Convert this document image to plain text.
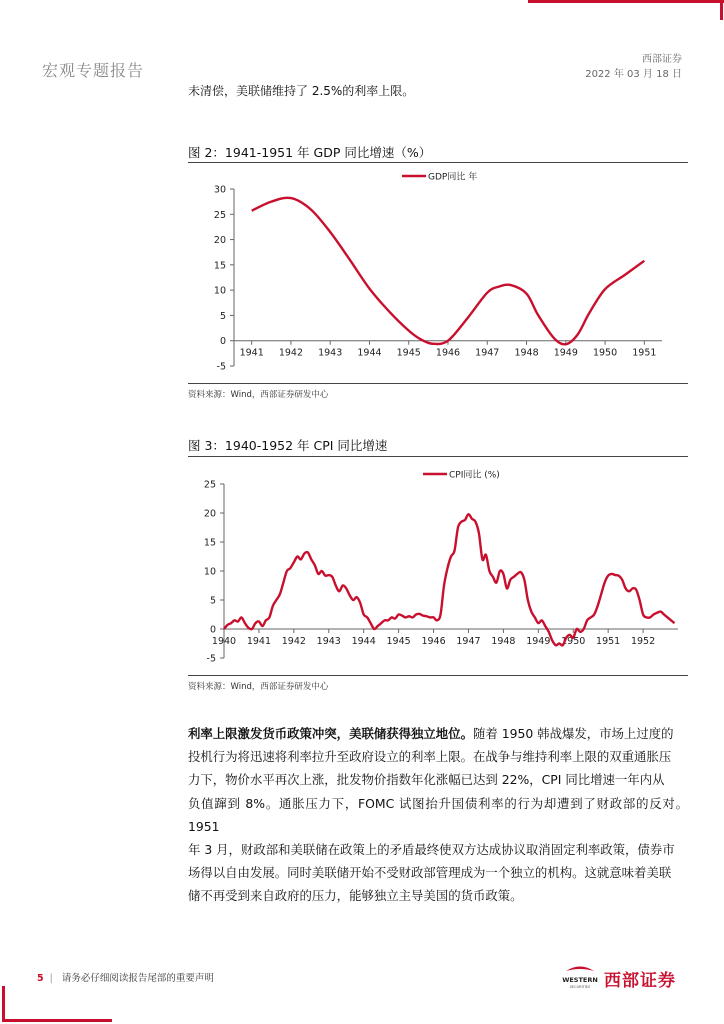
宏观专题报告
西部证券
2022 年 03 月 18 日
未清偿，美联储维持了 2.5%的利率上限。
图 2：1941-1951 年 GDP 同比增速（%）
-5
0
5
10
15
20
25
30
1941 1942 1943 1944 1945 1946 1947 1948 1949 1950 1951
GDP同比 年
资料来源：Wind，西部证券研发中心
图 3：1940-1952 年 CPI 同比增速
-5
0
5
10
15
20
25
1940 1941 1942 1943 1944 1945 1946 1947 1948 1949 1950 1951 1952
CPI同比 (%)
资料来源：Wind，西部证券研发中心
利率上限激发货币政策冲突，美联储获得独立地位。随着 1950 韩战爆发，市场上过度的
投机行为将迅速将利率拉升至政府设立的利率上限。在战争与维持利率上限的双重通胀压
力下，物价水平再次上涨，批发物价指数年化涨幅已达到 22%，CPI 同比增速一年内从
负值蹿到 8%。通胀压力下，FOMC 试图抬升国债利率的行为却遭到了财政部的反对。1951
年 3 月，财政部和美联储在政策上的矛盾最终使双方达成协议取消固定利率政策，债券市
场得以自由发展。同时美联储开始不受财政部管理成为一个独立的机构。这就意味着美联
储不再受到来自政府的压力，能够独立主导美国的货币政策。
5 | 请务必仔细阅读报告尾部的重要声明	WESTERN
SECURITIES 西部证券
